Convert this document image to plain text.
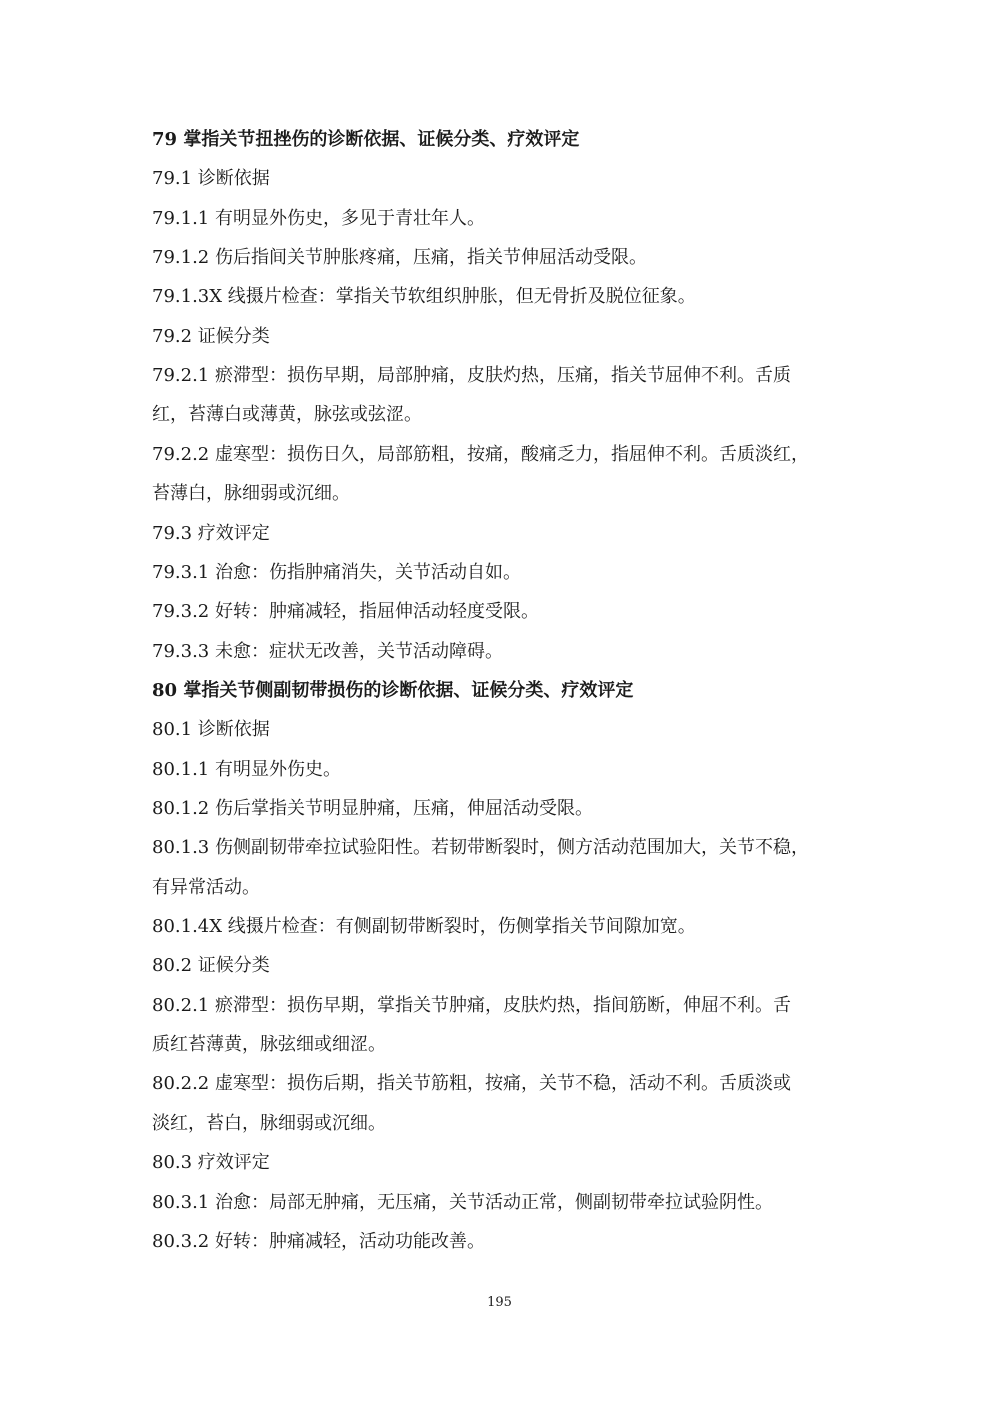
79 掌指关节扭挫伤的诊断依据、证候分类、疗效评定
79.1 诊断依据
79.1.1 有明显外伤史，多见于青壮年人。
79.1.2 伤后指间关节肿胀疼痛，压痛，指关节伸屈活动受限。
79.1.3X 线摄片检查：掌指关节软组织肿胀，但无骨折及脱位征象。
79.2 证候分类
79.2.1 瘀滞型：损伤早期，局部肿痛，皮肤灼热，压痛，指关节屈伸不利。舌质
红，苔薄白或薄黄，脉弦或弦涩。
79.2.2 虚寒型：损伤日久，局部筋粗，按痛，酸痛乏力，指屈伸不利。舌质淡红，
苔薄白，脉细弱或沉细。
79.3 疗效评定
79.3.1 治愈：伤指肿痛消失，关节活动自如。
79.3.2 好转：肿痛减轻，指屈伸活动轻度受限。
79.3.3 未愈：症状无改善，关节活动障碍。
80 掌指关节侧副韧带损伤的诊断依据、证候分类、疗效评定
80.1 诊断依据
80.1.1 有明显外伤史。
80.1.2 伤后掌指关节明显肿痛，压痛，伸屈活动受限。
80.1.3 伤侧副韧带牵拉试验阳性。若韧带断裂时，侧方活动范围加大，关节不稳，
有异常活动。
80.1.4X 线摄片检查：有侧副韧带断裂时，伤侧掌指关节间隙加宽。
80.2 证候分类
80.2.1 瘀滞型：损伤早期，掌指关节肿痛，皮肤灼热，指间筋断，伸屈不利。舌
质红苔薄黄，脉弦细或细涩。
80.2.2 虚寒型：损伤后期，指关节筋粗，按痛，关节不稳，活动不利。舌质淡或
淡红，苔白，脉细弱或沉细。
80.3 疗效评定
80.3.1 治愈：局部无肿痛，无压痛，关节活动正常，侧副韧带牵拉试验阴性。
80.3.2 好转：肿痛减轻，活动功能改善。
195
